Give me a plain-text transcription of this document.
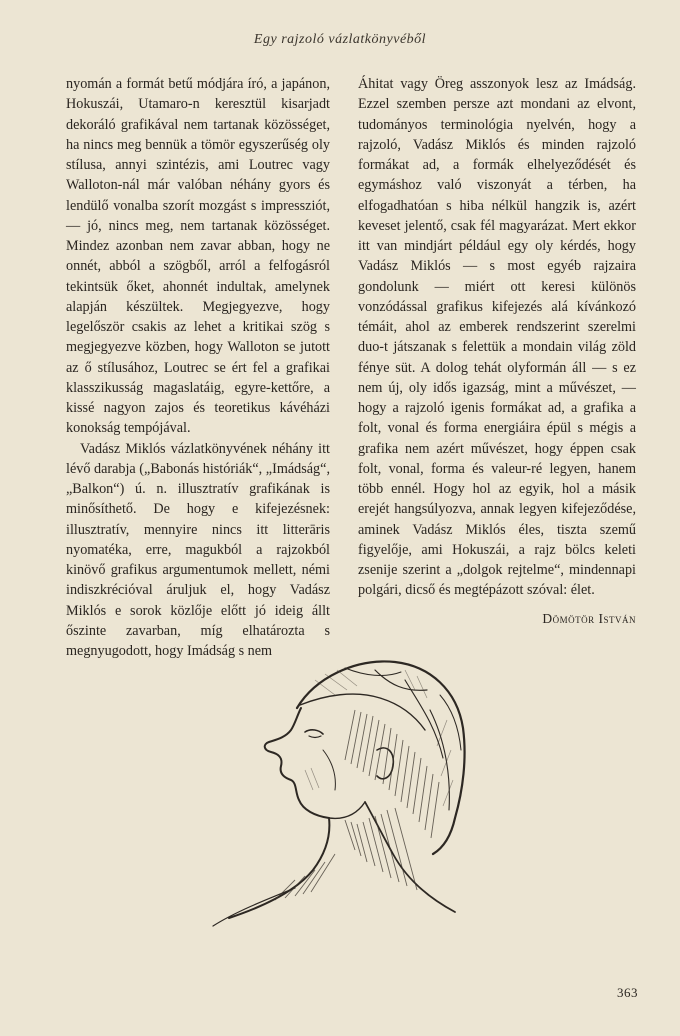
Egy rajzoló vázlatkönyvéből

nyomán a formát betű módjára író, a japánon, Hokuszái, Utamaro-n keresztül kisarjadt dekoráló grafikával nem tartanak közösséget, ha nincs meg bennük a tömör egyszerűség oly stílusa, annyi szintézis, ami Loutrec vagy Walloton-nál már valóban néhány gyors és lendülő vonalba szorít mozgást s impressziót, — jó, nincs meg, nem tartanak közösséget. Mindez azonban nem zavar abban, hogy ne onnét, abból a szögből, arról a felfogásról tekintsük őket, ahonnét indultak, amelynek alapján készültek. Megjegyezve, hogy legelőször csakis az lehet a kritikai szög s megjegyezve közben, hogy Walloton se jutott az ő stílusához, Loutrec se ért fel a grafikai klasszikusság magaslatáig, egyre-kettőre, a kissé nagyon zajos és teoretikus kávéházi konokság tempójával.

Vadász Miklós vázlatkönyvének néhány itt lévő darabja („Babonás históriák“, „Imádság“, „Balkon“) ú. n. illusztratív grafikának is minősíthető. De hogy e kifejezésnek: illusztratív, mennyire nincs itt litterāris nyomatéka, erre, magukból a rajzokból kinövő grafikus argumentumok mellett, némi indiszkrécióval áruljuk el, hogy Vadász Miklós e sorok közlője előtt jó ideig állt őszinte zavarban, míg elhatározta s megnyugodott, hogy Imádság s nem

Áhitat vagy Öreg asszonyok lesz az Imádság. Ezzel szemben persze azt mondani az elvont, tudományos terminológia nyelvén, hogy a rajzoló, Vadász Miklós és minden rajzoló formákat ad, a formák elhelyeződését és egymáshoz való viszonyát a térben, ha elfogadhatóan s hiba nélkül hangzik is, azért keveset jelentő, csak fél magyarázat. Mert ekkor itt van mindjárt például egy oly kérdés, hogy Vadász Miklós — s most egyéb rajzaira gondolunk — miért ott keresi különös vonzódással grafikus kifejezés alá kívánkozó témáit, ahol az emberek rendszerint szerelmi duo-t játszanak s felettük a mondain világ zöld fénye süt. A dolog tehát olyformán áll — s ez nem új, oly idős igazság, mint a művészet, — hogy a rajzoló igenis formákat ad, a grafika a folt, vonal és forma energiáira épül s mégis a grafika nem azért művészet, hogy éppen csak folt, vonal, forma és valeur-ré legyen, hanem több ennél. Hogy hol az egyik, hol a másik erejét hangsúlyozva, annak legyen kifejeződése, aminek Vadász Miklós éles, tiszta szemű figyelője, ami Hokuszái, a rajz bölcs keleti zsenije szerint a „dolgok rejtelme“, mindennapi polgári, dicső és megtépázott szóval: élet.

Dömötör István
363
